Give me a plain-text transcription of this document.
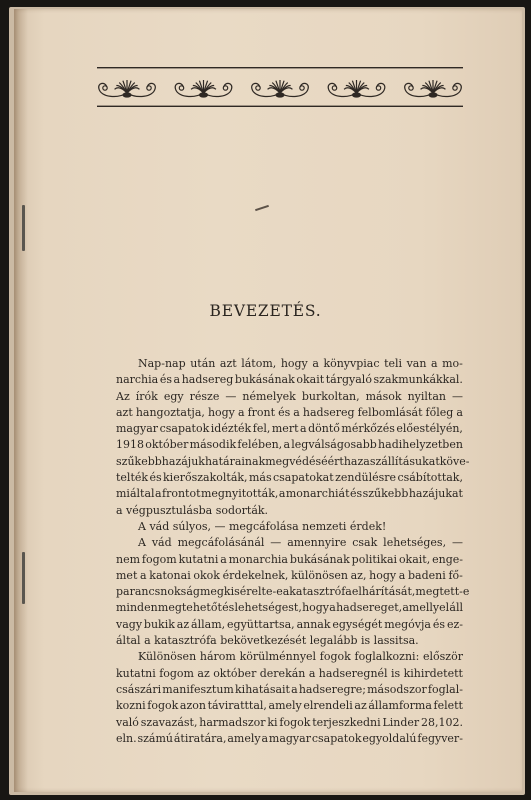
BEVEZETÉS.
Nap-nap után azt látom, hogy a könyvpiac teli van a mo-
narchia és a hadsereg bukásának okait tárgyaló szakmunkákkal.
Az írók egy része — némelyek burkoltan, mások nyiltan —
azt hangoztatja, hogy a front és a hadsereg felbomlását főleg a
magyar csapatok idézték fel, mert a döntő mérkőzés előestélyén,
1918 október második felében, a legválságosabb hadihelyzetben
szűkebb hazájuk határainak megvédéséért hazaszállításukat köve-
telték és kierőszakolták, más csapatokat zendülésre csábítottak,
miáltal a frontot megnyitották, a monarchiát és szűkebb hazájukat
a végpusztulásba sodorták.
A vád súlyos, — megcáfolása nemzeti érdek!
A vád megcáfolásánál — amennyire csak lehetséges, —
nem fogom kutatni a monarchia bukásának politikai okait, enge-
met a katonai okok érdekelnek, különösen az, hogy a badeni fő-
parancsnokság megkisérelte-e a katasztrófa elhárítását, megtett-e
minden megtehetőt és lehetségest, hogy a hadsereget, amellyel áll
vagy bukik az állam, együttartsa, annak egységét megóvja és ez-
által a katasztrófa bekövetkezését legalább is lassitsa.
Különösen három körülménnyel fogok foglalkozni: először
kutatni fogom az október derekán a hadseregnél is kihirdetett
császári manifesztum kihatásait a hadseregre; másodszor foglal-
kozni fogok azon táviratttal, amely elrendeli az államforma felett
való szavazást, harmadszor ki fogok terjeszkedni Linder 28,102.
eln. számú átiratára, amely a magyar csapatok egyoldalú fegyver-
